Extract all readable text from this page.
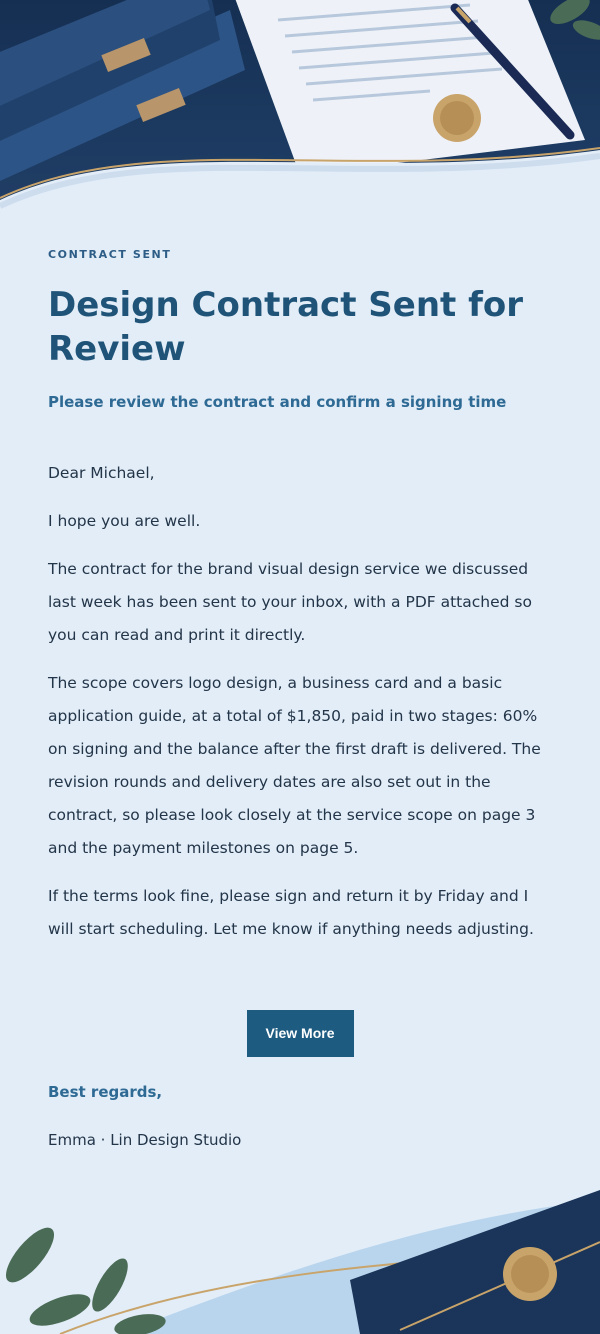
CONTRACT SENT

Design Contract Sent for Review

Please review the contract and confirm a signing time

Dear Michael,

I hope you are well.

The contract for the brand visual design service we discussed last week has been sent to your inbox, with a PDF attached so you can read and print it directly.

The scope covers logo design, a business card and a basic application guide, at a total of $1,850, paid in two stages: 60% on signing and the balance after the first draft is delivered. The revision rounds and delivery dates are also set out in the contract, so please look closely at the service scope on page 3 and the payment milestones on page 5.

If the terms look fine, please sign and return it by Friday and I will start scheduling. Let me know if anything needs adjusting.

View More
Best regards,
Emma · Lin Design Studio
